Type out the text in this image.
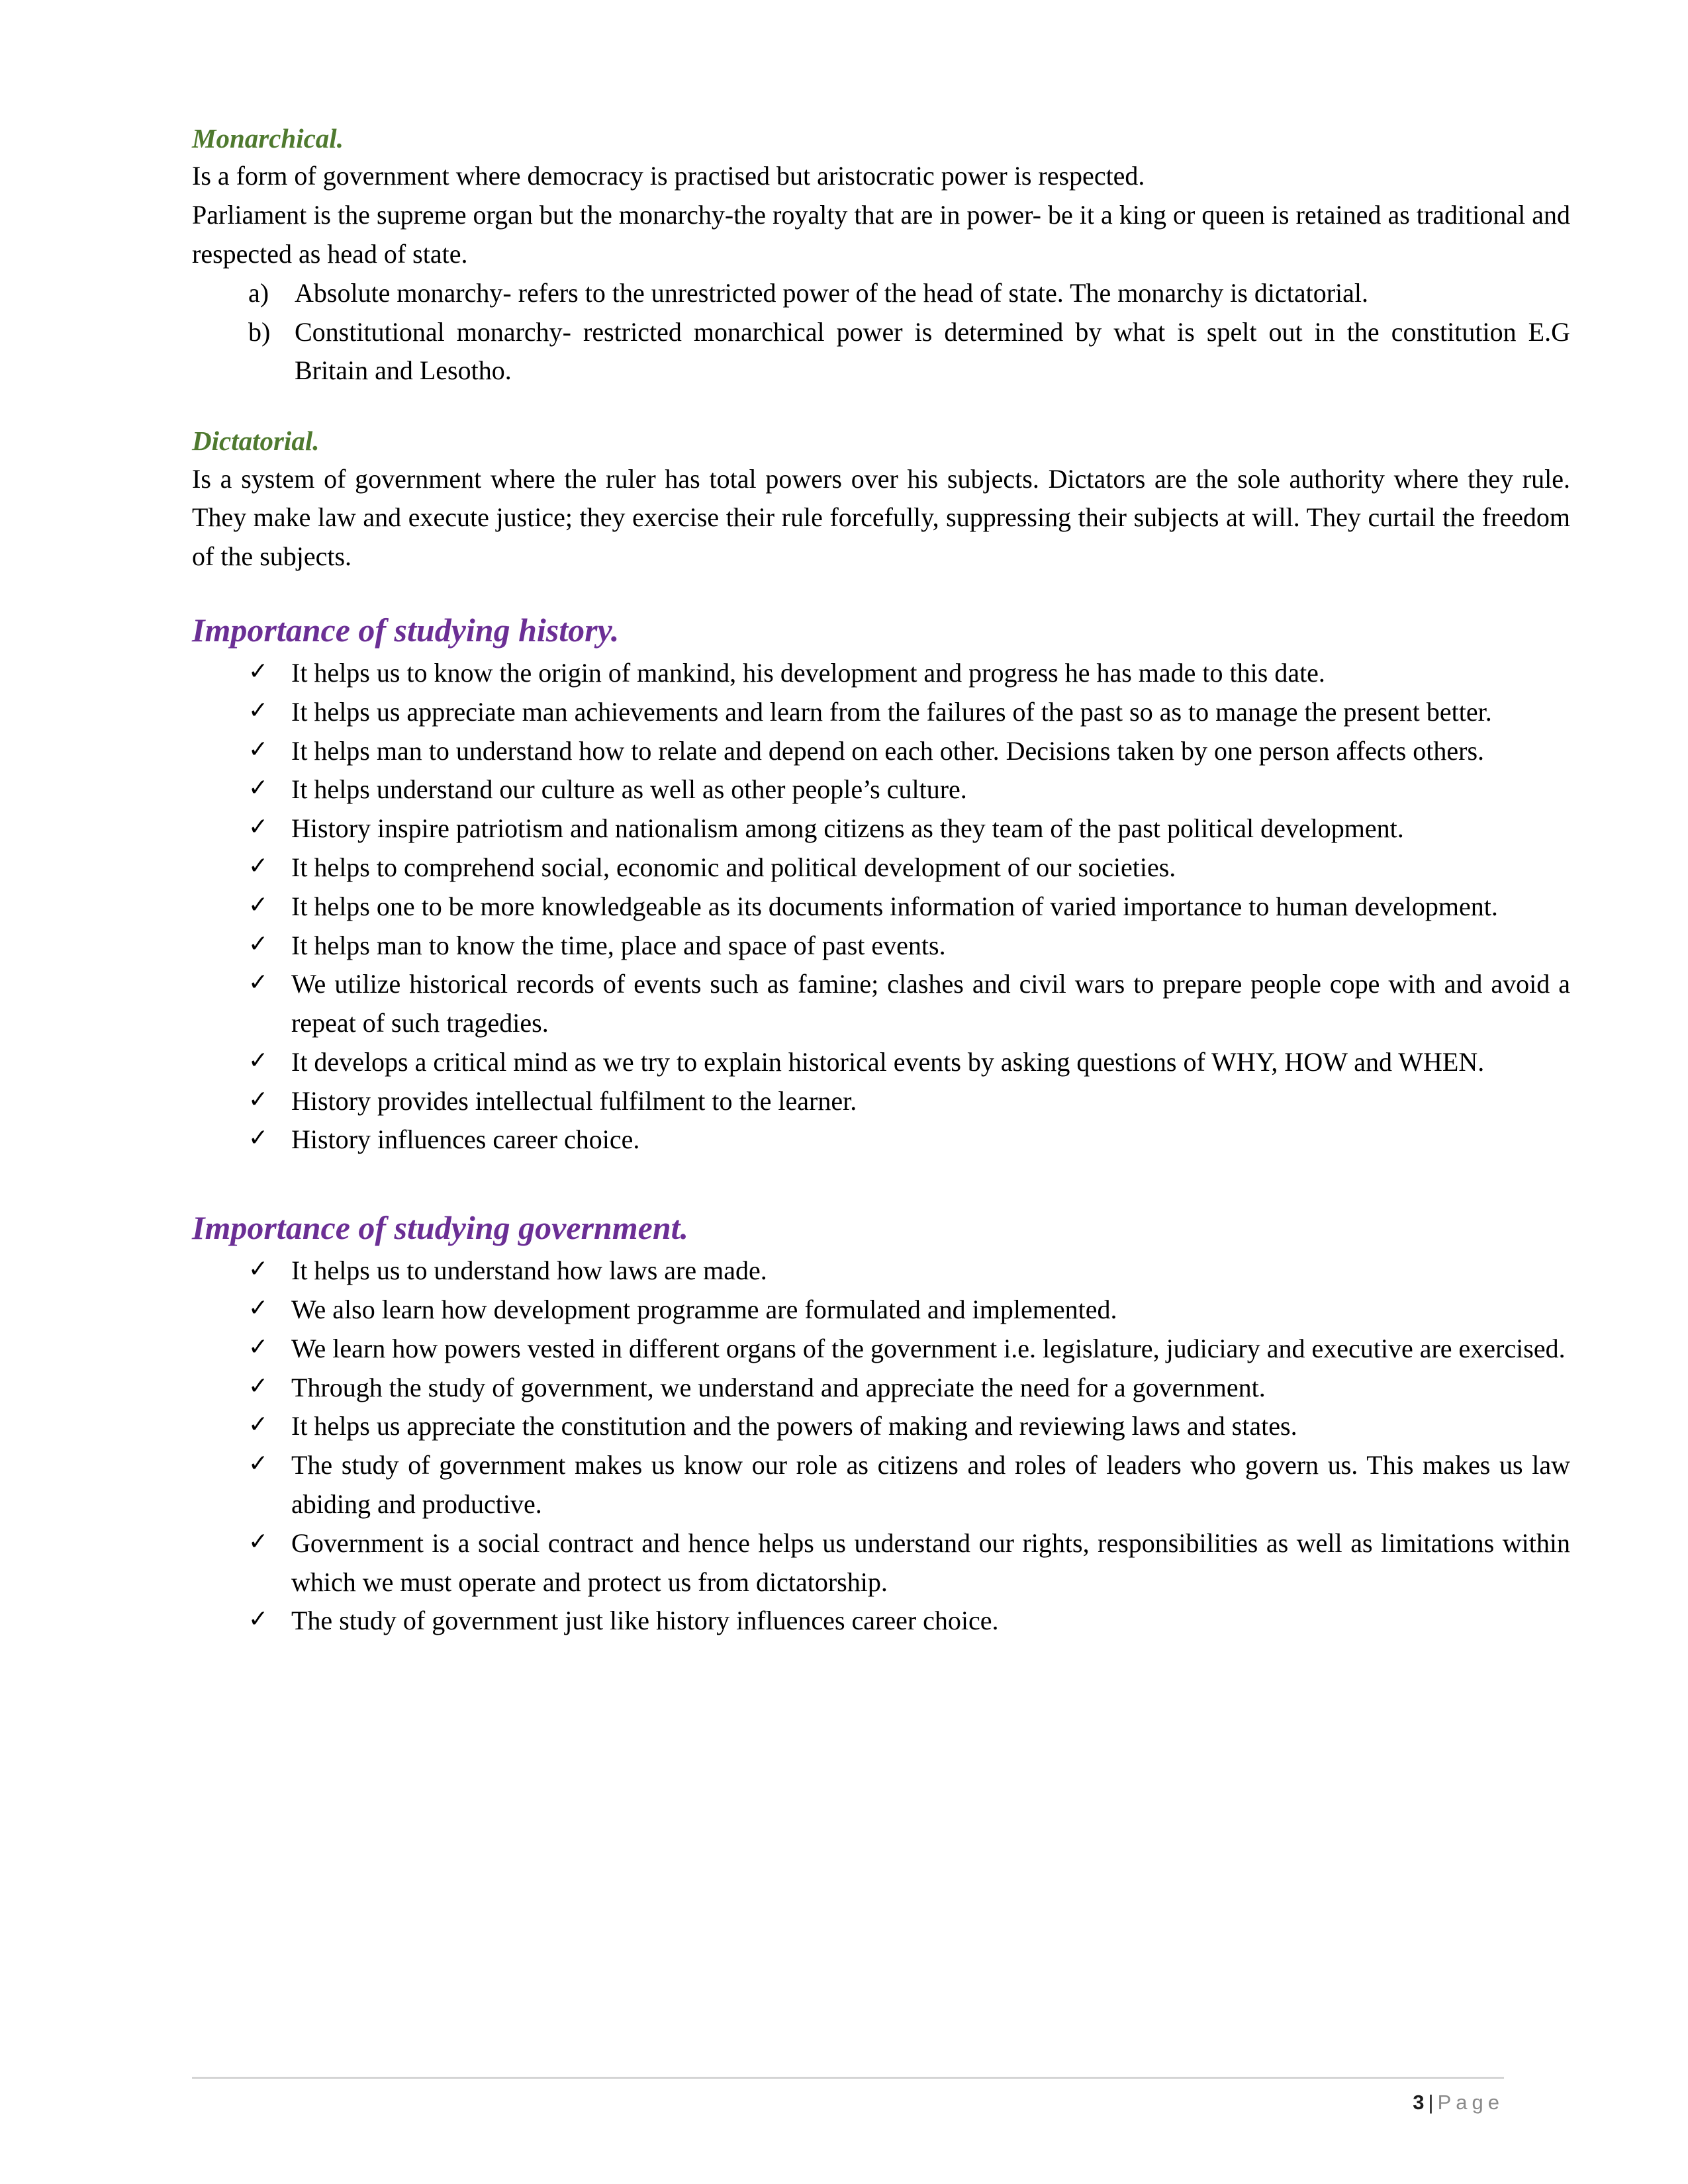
Monarchical.

Is a form of government where democracy is practised but aristocratic power is respected.

Parliament is the supreme organ but the monarchy-the royalty that are in power- be it a king or queen is retained as traditional and respected as head of state.

a) Absolute monarchy- refers to the unrestricted power of the head of state. The monarchy is dictatorial.
b) Constitutional monarchy- restricted monarchical power is determined by what is spelt out in the constitution E.G Britain and Lesotho.
Dictatorial.

Is a system of government where the ruler has total powers over his subjects. Dictators are the sole authority where they rule. They make law and execute justice; they exercise their rule forcefully, suppressing their subjects at will. They curtail the freedom of the subjects.

Importance of studying history.
✓ It helps us to know the origin of mankind, his development and progress he has made to this date.
✓ It helps us appreciate man achievements and learn from the failures of the past so as to manage the present better.
✓ It helps man to understand how to relate and depend on each other. Decisions taken by one person affects others.
✓ It helps understand our culture as well as other people’s culture.
✓ History inspire patriotism and nationalism among citizens as they team of the past political development.
✓ It helps to comprehend social, economic and political development of our societies.
✓ It helps one to be more knowledgeable as its documents information of varied importance to human development.
✓ It helps man to know the time, place and space of past events.
✓ We utilize historical records of events such as famine; clashes and civil wars to prepare people cope with and avoid a repeat of such tragedies.
✓ It develops a critical mind as we try to explain historical events by asking questions of WHY, HOW and WHEN.
✓ History provides intellectual fulfilment to the learner.
✓ History influences career choice.
Importance of studying government.
✓ It helps us to understand how laws are made.
✓ We also learn how development programme are formulated and implemented.
✓ We learn how powers vested in different organs of the government i.e. legislature, judiciary and executive are exercised.
✓ Through the study of government, we understand and appreciate the need for a government.
✓ It helps us appreciate the constitution and the powers of making and reviewing laws and states.
✓ The study of government makes us know our role as citizens and roles of leaders who govern us. This makes us law abiding and productive.
✓ Government is a social contract and hence helps us understand our rights, responsibilities as well as limitations within which we must operate and protect us from dictatorship.
✓ The study of government just like history influences career choice.
3 | Page
